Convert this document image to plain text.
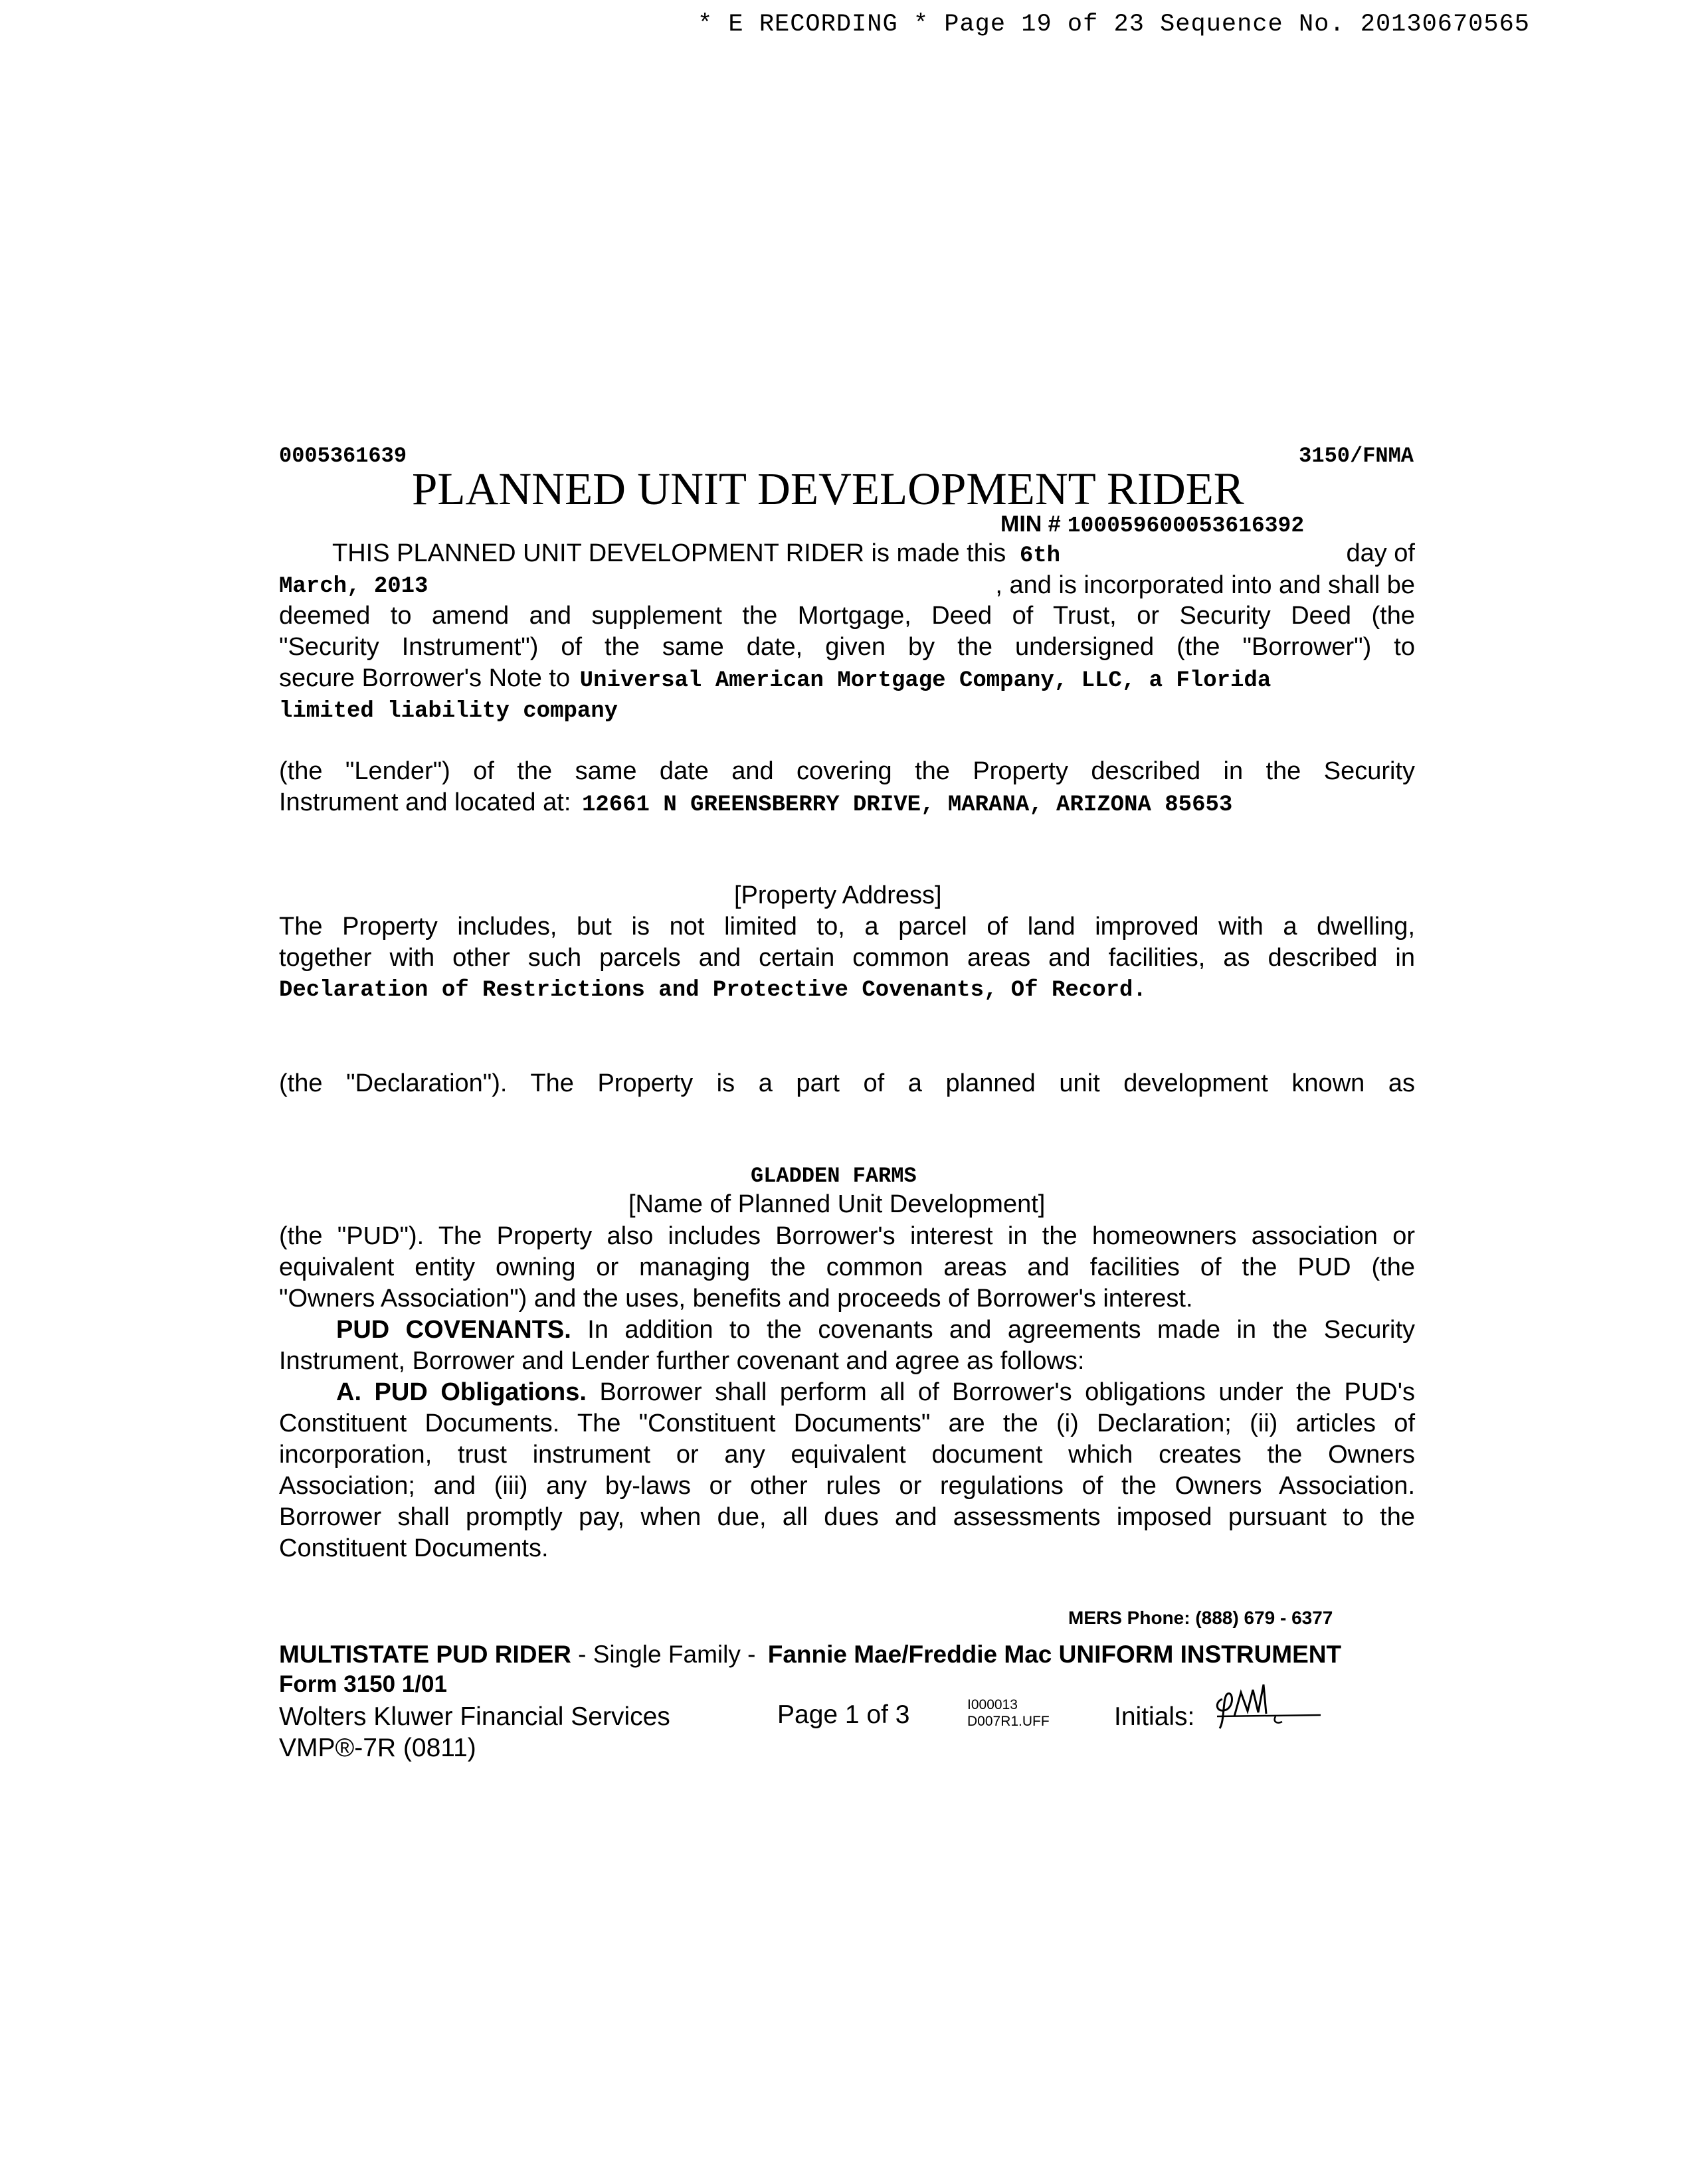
* E RECORDING * Page 19 of 23 Sequence No. 20130670565
0005361639	3150/FNMA
PLANNED UNIT DEVELOPMENT RIDER
MIN # 100059600053616392
THIS PLANNED UNIT DEVELOPMENT RIDER is made this 6th	day of
March, 2013	, and is incorporated into and shall be
deemed to amend and supplement the Mortgage, Deed of Trust, or Security Deed (the
"Security Instrument") of the same date, given by the undersigned (the "Borrower") to
secure Borrower's Note to Universal American Mortgage Company, LLC, a Florida
limited liability company
(the "Lender") of the same date and covering the Property described in the Security
Instrument and located at: 12661 N GREENSBERRY DRIVE, MARANA, ARIZONA 85653
[Property Address]
The Property includes, but is not limited to, a parcel of land improved with a dwelling,
together with other such parcels and certain common areas and facilities, as described in
Declaration of Restrictions and Protective Covenants, Of Record.
(the "Declaration"). The Property is a part of a planned unit development known as
GLADDEN FARMS
[Name of Planned Unit Development]
(the "PUD"). The Property also includes Borrower's interest in the homeowners association or
equivalent entity owning or managing the common areas and facilities of the PUD (the
"Owners Association") and the uses, benefits and proceeds of Borrower's interest.
PUD COVENANTS. In addition to the covenants and agreements made in the Security
Instrument, Borrower and Lender further covenant and agree as follows:
A. PUD Obligations. Borrower shall perform all of Borrower's obligations under the PUD's
Constituent Documents. The "Constituent Documents" are the (i) Declaration; (ii) articles of
incorporation, trust instrument or any equivalent document which creates the Owners
Association; and (iii) any by-laws or other rules or regulations of the Owners Association.
Borrower shall promptly pay, when due, all dues and assessments imposed pursuant to the
Constituent Documents.
MERS Phone: (888) 679 - 6377
MULTISTATE PUD RIDER - Single Family - Fannie Mae/Freddie Mac UNIFORM INSTRUMENT
Form 3150 1/01
Wolters Kluwer Financial Services	Page 1 of 3	I000013
D007R1.UFF Initials:
VMP®-7R (0811)
